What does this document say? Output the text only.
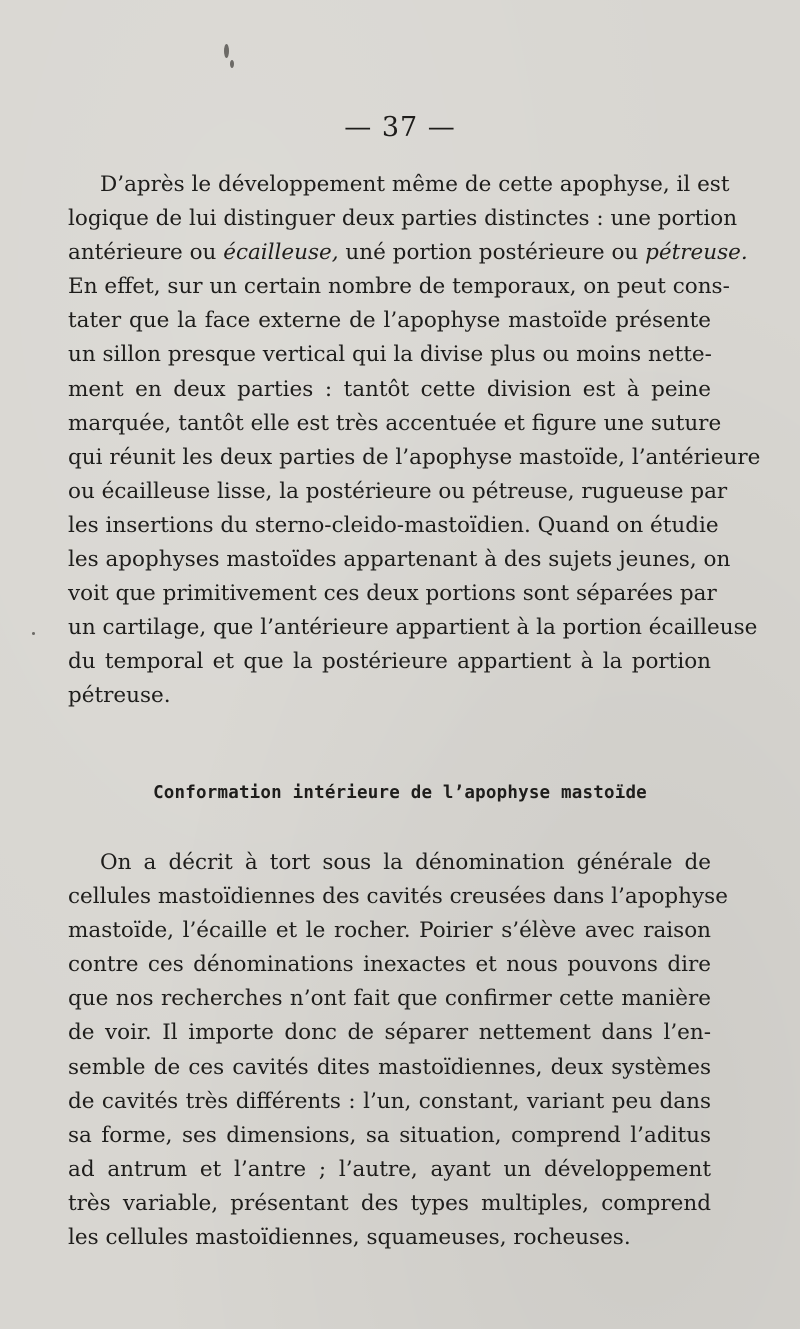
— 37 —

D’après le développement même de cette apophyse, il est
logique de lui distinguer deux parties distinctes : une portion
antérieure ou écailleuse, uné portion postérieure ou pétreuse.
En effet, sur un certain nombre de temporaux, on peut cons-
tater que la face externe de l’apophyse mastoïde présente
un sillon presque vertical qui la divise plus ou moins nette-
ment en deux parties : tantôt cette division est à peine
marquée, tantôt elle est très accentuée et figure une suture
qui réunit les deux parties de l’apophyse mastoïde, l’antérieure
ou écailleuse lisse, la postérieure ou pétreuse, rugueuse par
les insertions du sterno-cleido-mastoïdien. Quand on étudie
les apophyses mastoïdes appartenant à des sujets jeunes, on
voit que primitivement ces deux portions sont séparées par
un cartilage, que l’antérieure appartient à la portion écailleuse
du temporal et que la postérieure appartient à la portion
pétreuse.
Conformation intérieure de l’apophyse mastoïde
On a décrit à tort sous la dénomination générale de
cellules mastoïdiennes des cavités creusées dans l’apophyse
mastoïde, l’écaille et le rocher. Poirier s’élève avec raison
contre ces dénominations inexactes et nous pouvons dire
que nos recherches n’ont fait que confirmer cette manière
de voir. Il importe donc de séparer nettement dans l’en-
semble de ces cavités dites mastoïdiennes, deux systèmes
de cavités très différents : l’un, constant, variant peu dans
sa forme, ses dimensions, sa situation, comprend l’aditus
ad antrum et l’antre ; l’autre, ayant un développement
très variable, présentant des types multiples, comprend
les cellules mastoïdiennes, squameuses, rocheuses.
